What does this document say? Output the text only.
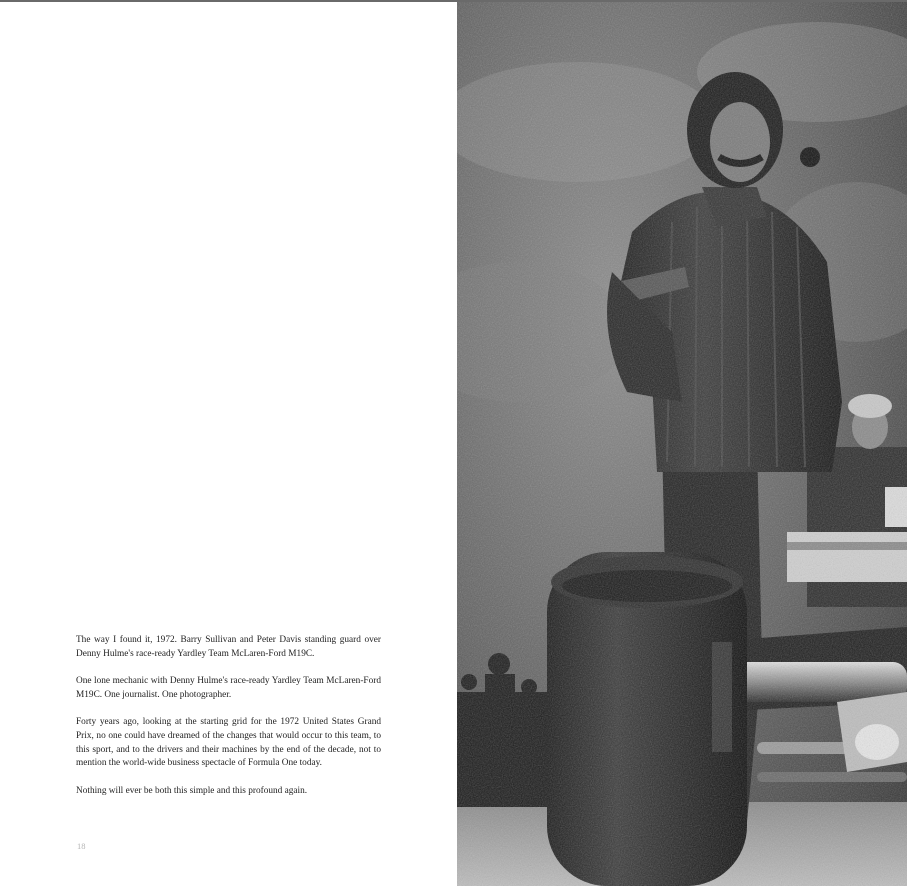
The way I found it, 1972. Barry Sullivan and Peter Davis standing guard over Denny Hulme's race-ready Yardley Team McLaren-Ford M19C.

One lone mechanic with Denny Hulme's race-ready Yardley Team McLaren-Ford M19C. One journalist. One photographer.

Forty years ago, looking at the starting grid for the 1972 United States Grand Prix, no one could have dreamed of the changes that would occur to this team, to this sport, and to the drivers and their machines by the end of the decade, not to mention the world-wide business spectacle of Formula One today.

Nothing will ever be both this simple and this profound again.

18
